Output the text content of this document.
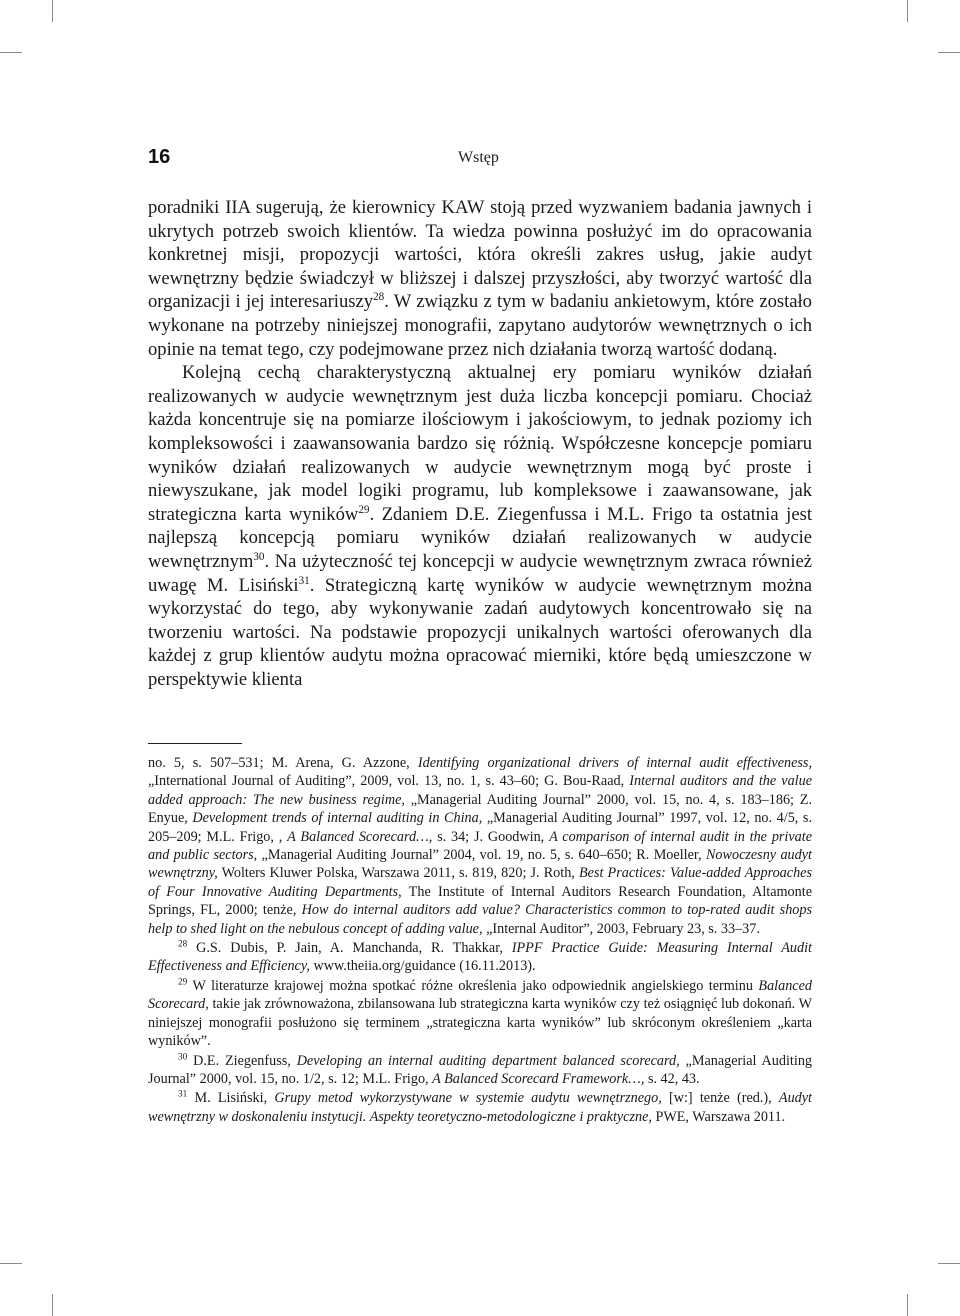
16	Wstęp

poradniki IIA sugerują, że kierownicy KAW stoją przed wyzwaniem badania jawnych i ukrytych potrzeb swoich klientów. Ta wiedza powinna posłużyć im do opracowania konkretnej misji, propozycji wartości, która określi zakres usług, jakie audyt wewnętrzny będzie świadczył w bliższej i dalszej przyszłości, aby tworzyć wartość dla organizacji i jej interesariuszy$^{28}$. W związku z tym w badaniu ankietowym, które zostało wykonane na potrzeby niniejszej monografii, zapytano audytorów wewnętrznych o ich opinie na temat tego, czy podejmowane przez nich działania tworzą wartość dodaną.

Kolejną cechą charakterystyczną aktualnej ery pomiaru wyników działań realizowanych w audycie wewnętrznym jest duża liczba koncepcji pomiaru. Chociaż każda koncentruje się na pomiarze ilościowym i jakościowym, to jednak poziomy ich kompleksowości i zaawansowania bardzo się różnią. Współczesne koncepcje pomiaru wyników działań realizowanych w audycie wewnętrznym mogą być proste i niewyszukane, jak model logiki programu, lub kompleksowe i zaawansowane, jak strategiczna karta wyników$^{29}$. Zdaniem D.E. Ziegenfussa i M.L. Frigo ta ostatnia jest najlepszą koncepcją pomiaru wyników działań realizowanych w audycie wewnętrznym$^{30}$. Na użyteczność tej koncepcji w audycie wewnętrznym zwraca również uwagę M. Lisiński$^{31}$. Strategiczną kartę wyników w audycie wewnętrznym można wykorzystać do tego, aby wykonywanie zadań audytowych koncentrowało się na tworzeniu wartości. Na podstawie propozycji unikalnych wartości oferowanych dla każdej z grup klientów audytu można opracować mierniki, które będą umieszczone w perspektywie klienta

no. 5, s. 507–531; M. Arena, G. Azzone, Identifying organizational drivers of internal audit effectiveness, „International Journal of Auditing”, 2009, vol. 13, no. 1, s. 43–60; G. Bou-Raad, Internal auditors and the value added approach: The new business regime, „Managerial Auditing Journal” 2000, vol. 15, no. 4, s. 183–186; Z. Enyue, Development trends of internal auditing in China, „Managerial Auditing Journal” 1997, vol. 12, no. 4/5, s. 205–209; M.L. Frigo, , A Balanced Scorecard…, s. 34; J. Goodwin, A comparison of internal audit in the private and public sectors, „Managerial Auditing Journal” 2004, vol. 19, no. 5, s. 640–650; R. Moeller, Nowoczesny audyt wewnętrzny, Wolters Kluwer Polska, Warszawa 2011, s. 819, 820; J. Roth, Best Practices: Value-added Approaches of Four Innovative Auditing Departments, The Institute of Internal Auditors Research Foundation, Altamonte Springs, FL, 2000; tenże, How do internal auditors add value? Characteristics common to top-rated audit shops help to shed light on the nebulous concept of adding value, „Internal Auditor”, 2003, February 23, s. 33–37.

$^{28}$ G.S. Dubis, P. Jain, A. Manchanda, R. Thakkar, IPPF Practice Guide: Measuring Internal Audit Effectiveness and Efficiency, www.theiia.org/guidance (16.11.2013).

$^{29}$ W literaturze krajowej można spotkać różne określenia jako odpowiednik angielskiego terminu Balanced Scorecard, takie jak zrównoważona, zbilansowana lub strategiczna karta wyników czy też osiągnięć lub dokonań. W niniejszej monografii posłużono się terminem „strategiczna karta wyników” lub skróconym określeniem „karta wyników”.

$^{30}$ D.E. Ziegenfuss, Developing an internal auditing department balanced scorecard, „Managerial Auditing Journal” 2000, vol. 15, no. 1/2, s. 12; M.L. Frigo, A Balanced Scorecard Framework…, s. 42, 43.

$^{31}$ M. Lisiński, Grupy metod wykorzystywane w systemie audytu wewnętrznego, [w:] tenże (red.), Audyt wewnętrzny w doskonaleniu instytucji. Aspekty teoretyczno-metodologiczne i praktyczne, PWE, Warszawa 2011.
